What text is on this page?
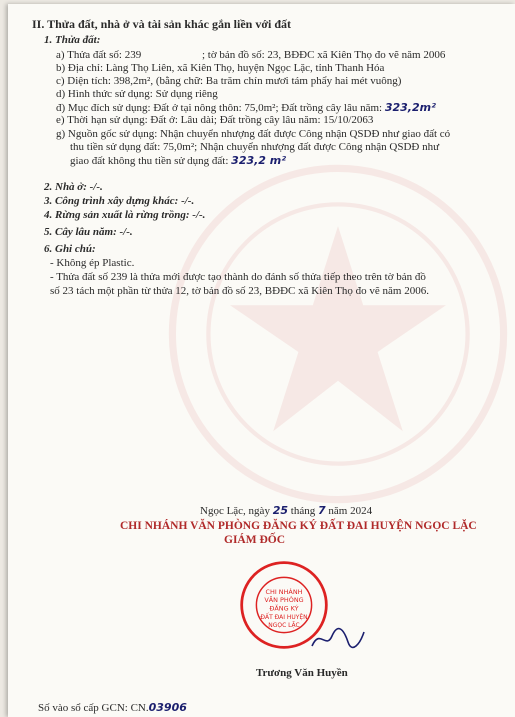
II. Thửa đất, nhà ở và tài sản khác gắn liền với đất
1. Thửa đất:
a) Thửa đất số: 239	; tờ bản đồ số: 23, BĐĐC xã Kiên Thọ đo vẽ năm 2006
b) Địa chỉ: Làng Thọ Liên, xã Kiên Thọ, huyện Ngọc Lặc, tỉnh Thanh Hóa
c) Diện tích: 398,2m², (bằng chữ: Ba trăm chín mươi tám phẩy hai mét vuông)
d) Hình thức sử dụng: Sử dụng riêng
đ) Mục đích sử dụng: Đất ở tại nông thôn: 75,0m²; Đất trồng cây lâu năm: 323,2m²
e) Thời hạn sử dụng: Đất ở: Lâu dài; Đất trồng cây lâu năm: 15/10/2063
g) Nguồn gốc sử dụng: Nhận chuyển nhượng đất được Công nhận QSDĐ như giao đất có
thu tiền sử dụng đất: 75,0m²; Nhận chuyển nhượng đất được Công nhận QSDĐ như
giao đất không thu tiền sử dụng đất: 323,2 m²
2. Nhà ở: -/-.
3. Công trình xây dựng khác: -/-.
4. Rừng sản xuất là rừng trồng: -/-.
5. Cây lâu năm: -/-.
6. Ghi chú:
- Không ép Plastic.
- Thửa đất số 239 là thửa mới được tạo thành do đánh số thửa tiếp theo trên tờ bản đồ
số 23 tách một phần từ thửa 12, tờ bản đồ số 23, BĐĐC xã Kiên Thọ đo vẽ năm 2006.
Ngọc Lặc, ngày 25 tháng 7 năm 2024
CHI NHÁNH VĂN PHÒNG ĐĂNG KÝ ĐẤT ĐAI HUYỆN NGỌC LẶC
GIÁM ĐỐC
CHI NHÁNH
VĂN PHÒNG
ĐĂNG KÝ
ĐẤT ĐAI HUYỆN
NGỌC LẶC
Trương Văn Huyền
Số vào sổ cấp GCN: CN.03906
